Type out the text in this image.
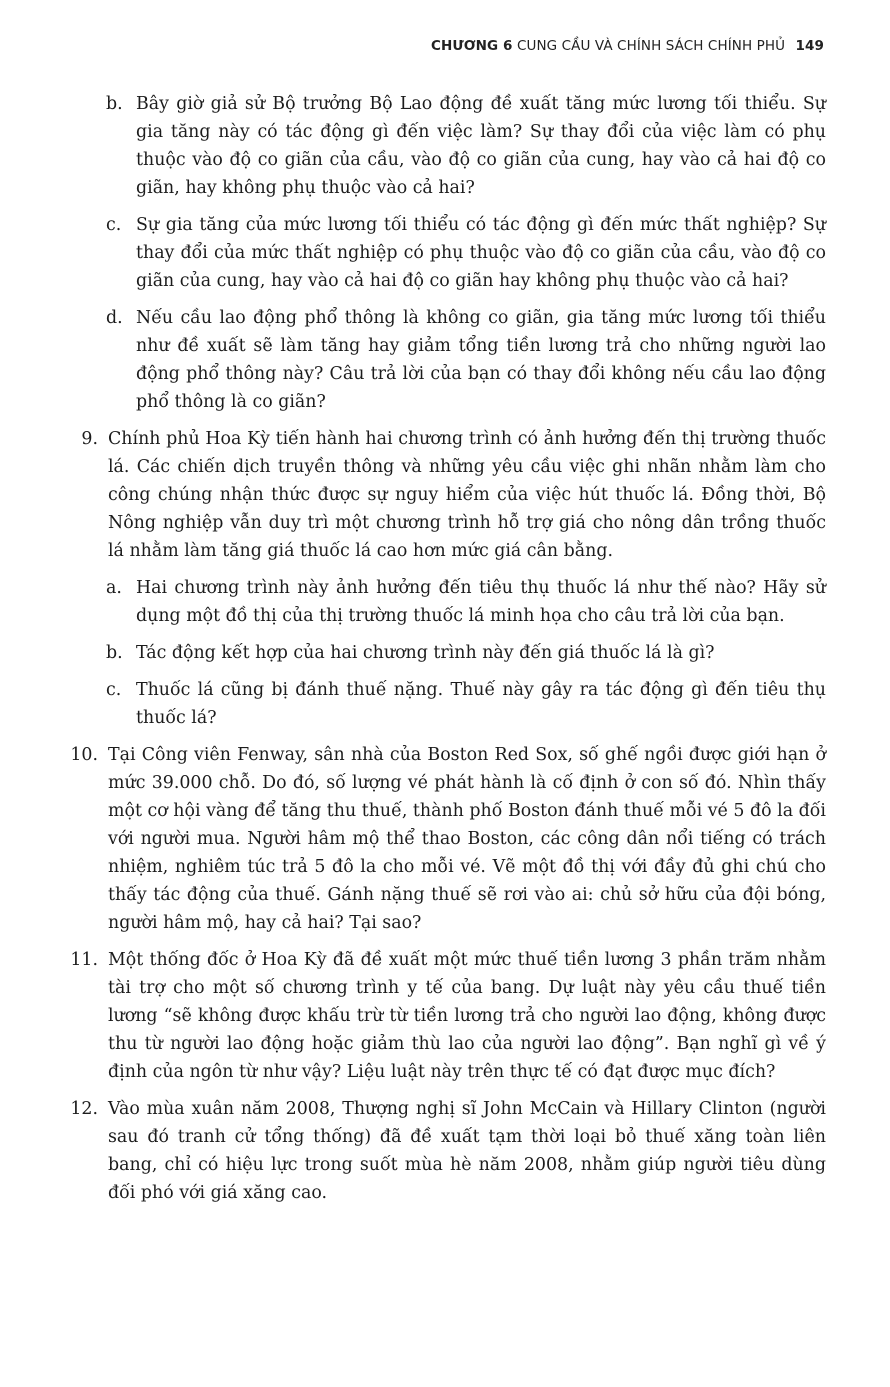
CHƯƠNG 6 CUNG CẦU VÀ CHÍNH SÁCH CHÍNH PHỦ 149
b. Bây giờ giả sử Bộ trưởng Bộ Lao động đề xuất tăng mức lương tối thiểu. Sự gia tăng này có tác động gì đến việc làm? Sự thay đổi của việc làm có phụ thuộc vào độ co giãn của cầu, vào độ co giãn của cung, hay vào cả hai độ co giãn, hay không phụ thuộc vào cả hai?
c. Sự gia tăng của mức lương tối thiểu có tác động gì đến mức thất nghiệp? Sự thay đổi của mức thất nghiệp có phụ thuộc vào độ co giãn của cầu, vào độ co giãn của cung, hay vào cả hai độ co giãn hay không phụ thuộc vào cả hai?
d. Nếu cầu lao động phổ thông là không co giãn, gia tăng mức lương tối thiểu như đề xuất sẽ làm tăng hay giảm tổng tiền lương trả cho những người lao động phổ thông này? Câu trả lời của bạn có thay đổi không nếu cầu lao động phổ thông là co giãn?
9. Chính phủ Hoa Kỳ tiến hành hai chương trình có ảnh hưởng đến thị trường thuốc lá. Các chiến dịch truyền thông và những yêu cầu việc ghi nhãn nhằm làm cho công chúng nhận thức được sự nguy hiểm của việc hút thuốc lá. Đồng thời, Bộ Nông nghiệp vẫn duy trì một chương trình hỗ trợ giá cho nông dân trồng thuốc lá nhằm làm tăng giá thuốc lá cao hơn mức giá cân bằng.
a. Hai chương trình này ảnh hưởng đến tiêu thụ thuốc lá như thế nào? Hãy sử dụng một đồ thị của thị trường thuốc lá minh họa cho câu trả lời của bạn.
b. Tác động kết hợp của hai chương trình này đến giá thuốc lá là gì?
c. Thuốc lá cũng bị đánh thuế nặng. Thuế này gây ra tác động gì đến tiêu thụ thuốc lá?
10. Tại Công viên Fenway, sân nhà của Boston Red Sox, số ghế ngồi được giới hạn ở mức 39.000 chỗ. Do đó, số lượng vé phát hành là cố định ở con số đó. Nhìn thấy một cơ hội vàng để tăng thu thuế, thành phố Boston đánh thuế mỗi vé 5 đô la đối với người mua. Người hâm mộ thể thao Boston, các công dân nổi tiếng có trách nhiệm, nghiêm túc trả 5 đô la cho mỗi vé. Vẽ một đồ thị với đầy đủ ghi chú cho thấy tác động của thuế. Gánh nặng thuế sẽ rơi vào ai: chủ sở hữu của đội bóng, người hâm mộ, hay cả hai? Tại sao?
11. Một thống đốc ở Hoa Kỳ đã đề xuất một mức thuế tiền lương 3 phần trăm nhằm tài trợ cho một số chương trình y tế của bang. Dự luật này yêu cầu thuế tiền lương “sẽ không được khấu trừ từ tiền lương trả cho người lao động, không được thu từ người lao động hoặc giảm thù lao của người lao động”. Bạn nghĩ gì về ý định của ngôn từ như vậy? Liệu luật này trên thực tế có đạt được mục đích?
12. Vào mùa xuân năm 2008, Thượng nghị sĩ John McCain và Hillary Clinton (người sau đó tranh cử tổng thống) đã đề xuất tạm thời loại bỏ thuế xăng toàn liên bang, chỉ có hiệu lực trong suốt mùa hè năm 2008, nhằm giúp người tiêu dùng đối phó với giá xăng cao.
